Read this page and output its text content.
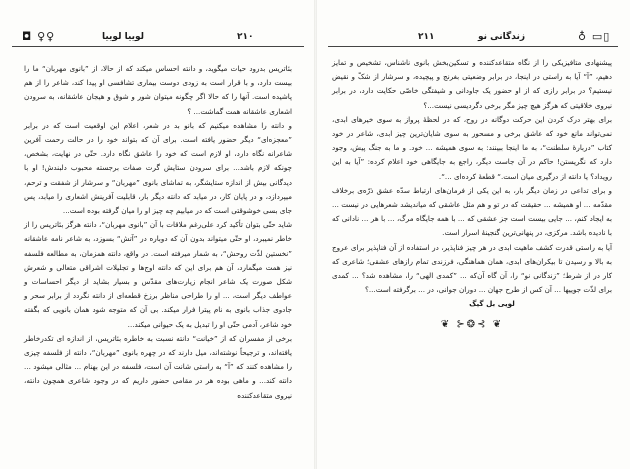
۲۱۰
لوییا لوییا
◘ ♀♀

بئاتریس بدرود حیات میگوید، و دانته احساس میکند که از حالا، از ”بانوی مهربان“ ما را بیست دارد، و با قرار است به زودی دوست بیماری تشافسی او پیدا کند، شاعر را از هم پاشیده است. آنها را که حالا اگر چگونه میتوان شور و شوق و هیجان عاشقانه، به سرودن اشعاری عاشقانه همت گماشت... ؟

و دانته را مشاهده میکنیم که بانو بد در شعر، اعلام این اوقعیت است که در برابر ”معجزه‌ای“ دیگر حضور یافته است. برای آن که بتواند خود را در حالت رحمت آفرین شاعرانه نگاه دارد، او لازم است که خود را عاشق نگاه دارد. حتّی در نهایت، بشخص، چونکه لازم باشد... برای سرودن ستایش گرت صفات برجسته محبوب دلبندش! او با دیدگانی بیش از اندازه ستایشگر، به تماشای بانوی ”مهربان“ و سرشار از شفقت و ترحم، میپردازد، و در پایان کار، در میابد که دانته دیگر بار، قابلیت آفرینش اشعاری را میابد، پس جای بسی خوشوقتی است که در میابیم چه چیز او را میان گرفته بوده است...

شاید حتّی بتوان تأکید کرد علی‌رغم ملاقات با آن ”بانوی مهربان“، دانته هرگز بئاتریس را از خاطر نمیبرد، او حتّی میتواند بدون آن که دوباره در ”آتش“ بسوزد، به شاعر نامه عاشقانه ”نخستین لذّت روحش“، به شمار میرفته است. در واقع، دانته همزمان، به مطالعه فلسفه نیز همت میگمارد، آن هم برای این که دانته اوج‌ها و تجلیلات اشراقی متعالی و شعرش شکل صورت یک شاعر انجام زیارت‌های مقدّس و بسیار بشاید از دیگر احساسات و عواطف دیگر است، ... او را طراحی مناظر برزخ قطعه‌ای از دانته نگردد از برابر سحر و جادوی جذاب بانوی به نام پیترا فرار میکند. بی آن که متوجه شود همان بانویی که بگفته خود شاعر، آدمی حتّی او را تبدیل به یک حیوانی میکند...

برخی از مفسران که از ”خیانت“ دانته نسبت به خاطره بئاتریس، از اندازه ای تکدرخاطر یافته‌اند، و ترجیحاً نوشته‌اند، میل دارند که در چهره بانوی ”مهربان“، دانته از فلسفه چیزی را مشاهده کنند که ”آ“ به راستی شانت آن است، فلسفه در این بهنام ... مثالی میشود ... دانته کند... و ماهی بوده هر در مقامی حضور داریم که در وجود شاعری همچون دانته، نیروی متقاعدکننده

۲۱۱	زندگانی نو	♁ ▭▯

پیشنهادی متافیزیکی را از نگاه متقاعدکننده و تسکین‌بخش بانوی ناشناس، تشخیص و تمایز دهیم، ”آ“ آیا به راستی در اینجا، در برابر وضعیتی بغرنج و پیچیده، و سرشار از شکّ و نقیض نیستیم؟ در برابر رازی که از او حضور یک جاودانی و شیفتگی خاصّی حکایت دارد، در برابر نیروی خلاقیتی که هرگز هیچ چیز مگر برخی دگردیسی نیست...؟

برای بهتر درک کردن این حرکت دوگانه در روح، که در لحظۀ پرواز به سوی خیرهای ابدی، نمی‌تواند مانع خود که عاشق برخی و مسحور به سوی شایان‌ترین چیز ابدی، شاعر در خود کتاب ”دربارۀ سلطنت“، به ما اینجا ببینند: به سوی همیشه ... خود. و ما به جنگ پیش، وجود دارد که نگریستن! حاکم در آن جاست دیگر، راجع به جایگاهی خود اعلام کرده: ”آیا به این رویداد؟ یا دانته از درگیری میان است.“ قطعۀ کرده‌ای ...“.

و برای تداعی در زمان دیگر بار، به این یکی از فرمان‌های ارتباط سدّه عشق ذرّه‌ی برخلاف مقدّمه ... او همیشه ... حقیقت که در تو و هم مثل عاشقی که میاندیشد شعرهایی در نیست ... به ایجاد کنم، ... جایی بیست است جز عشقی که ... با همه جایگاه مرگ، ... با هر ... نادانی که با نادیده باشد. مرکزی، در پنهانی‌ترین گنجینۀ اسرار است.

آیا به راستی قدرت کشف ماهیت ابدی در هر چیز فناپذیر، در استفاده از آن فناپذیر برای عروج به بالا و رسیدن تا بیکران‌های ابدی، همان هماهنگی، فرزندی تمام رازهای عشقی؛ شاعری که کار در از شرط؛ ”زندگانی نو“ را، آن گاه آن‌که ... ”کمدی الهی“ را، مشاهده شد؟ ... کمدی برای لذّت جوییها ... آن کس از طرح جهان ... دوران جوانی، در ... برگرفته است...؟

لویی بل گیگ
❦ ⊱❂⊰ ❦
